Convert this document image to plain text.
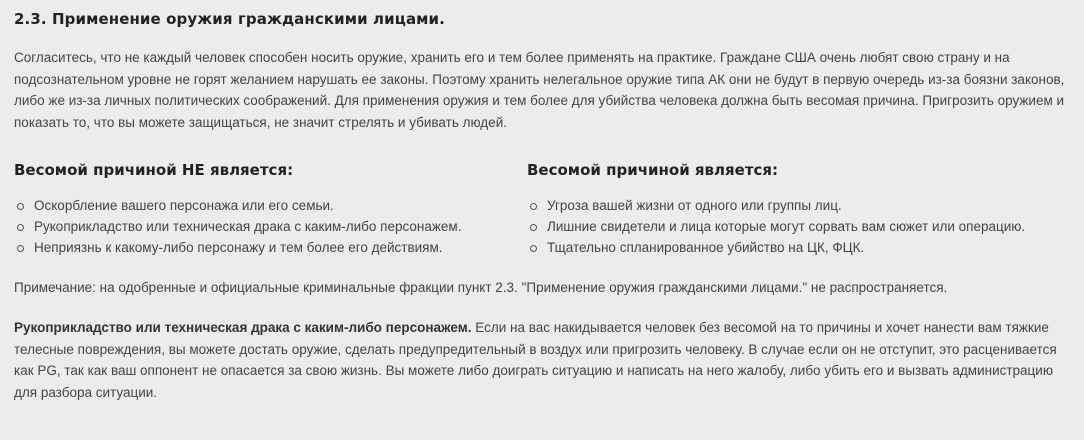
2.3. Применение оружия гражданскими лицами.

Согласитесь, что не каждый человек способен носить оружие, хранить его и тем более применять на практике. Граждане США очень любят свою страну и на подсознательном уровне не горят желанием нарушать ее законы. Поэтому хранить нелегальное оружие типа АК они не будут в первую очередь из-за боязни законов, либо же из-за личных политических соображений. Для применения оружия и тем более для убийства человека должна быть весомая причина. Пригрозить оружием и показать то, что вы можете защищаться, не значит стрелять и убивать людей.

Весомой причиной НЕ является:
Оскорбление вашего персонажа или его семьи.
Рукоприкладство или техническая драка с каким-либо персонажем.
Неприязнь к какому-либо персонажу и тем более его действиям.
Весомой причиной является:
Угроза вашей жизни от одного или группы лиц.
Лишние свидетели и лица которые могут сорвать вам сюжет или операцию.
Тщательно спланированное убийство на ЦК, ФЦК.

Примечание: на одобренные и официальные криминальные фракции пункт 2.3. "Применение оружия гражданскими лицами." не распространяется.

Рукоприкладство или техническая драка с каким-либо персонажем. Если на вас накидывается человек без весомой на то причины и хочет нанести вам тяжкие телесные повреждения, вы можете достать оружие, сделать предупредительный в воздух или пригрозить человеку. В случае если он не отступит, это расценивается как PG, так как ваш оппонент не опасается за свою жизнь. Вы можете либо доиграть ситуацию и написать на него жалобу, либо убить его и вызвать администрацию для разбора ситуации.
